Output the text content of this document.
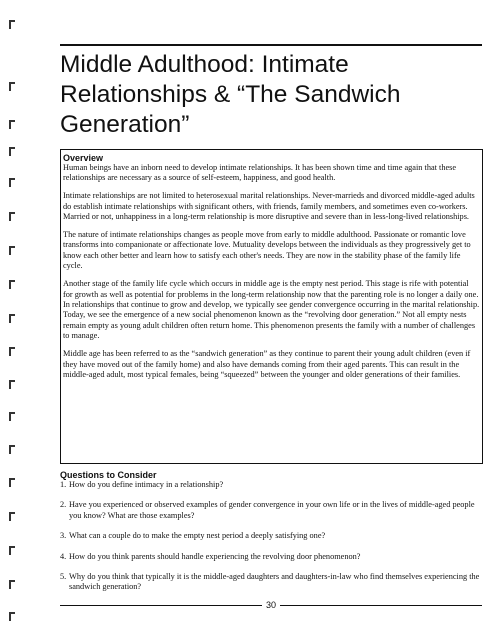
Middle Adulthood: Intimate Relationships & “The Sandwich Generation”
Overview

Human beings have an inborn need to develop intimate relationships. It has been shown time and time again that these relationships are necessary as a source of self-esteem, happiness, and good health.

Intimate relationships are not limited to heterosexual marital relationships. Never-marrieds and divorced middle-aged adults do establish intimate relationships with significant others, with friends, family members, and sometimes even co-workers. Married or not, unhappiness in a long-term relationship is more disruptive and severe than in less-long-lived relationships.

The nature of intimate relationships changes as people move from early to middle adulthood. Passionate or romantic love transforms into companionate or affectionate love. Mutuality develops between the individuals as they progressively get to know each other better and learn how to satisfy each other's needs. They are now in the stability phase of the family life cycle.

Another stage of the family life cycle which occurs in middle age is the empty nest period. This stage is rife with potential for growth as well as potential for problems in the long-term relationship now that the parenting role is no longer a daily one. In relationships that continue to grow and develop, we typically see gender convergence occurring in the marital relationship. Today, we see the emergence of a new social phenomenon known as the “revolving door generation.” Not all empty nests remain empty as young adult children often return home. This phenomenon presents the family with a number of challenges to manage.

Middle age has been referred to as the “sandwich generation” as they continue to parent their young adult children (even if they have moved out of the family home) and also have demands coming from their aged parents. This can result in the middle-aged adult, most typical females, being “squeezed” between the younger and older generations of their families.

Questions to Consider
1. How do you define intimacy in a relationship?
2. Have you experienced or observed examples of gender convergence in your own life or in the lives of middle-aged people you know? What are those examples?
3. What can a couple do to make the empty nest period a deeply satisfying one?
4. How do you think parents should handle experiencing the revolving door phenomenon?
5. Why do you think that typically it is the middle-aged daughters and daughters-in-law who find themselves experiencing the sandwich generation?
30
